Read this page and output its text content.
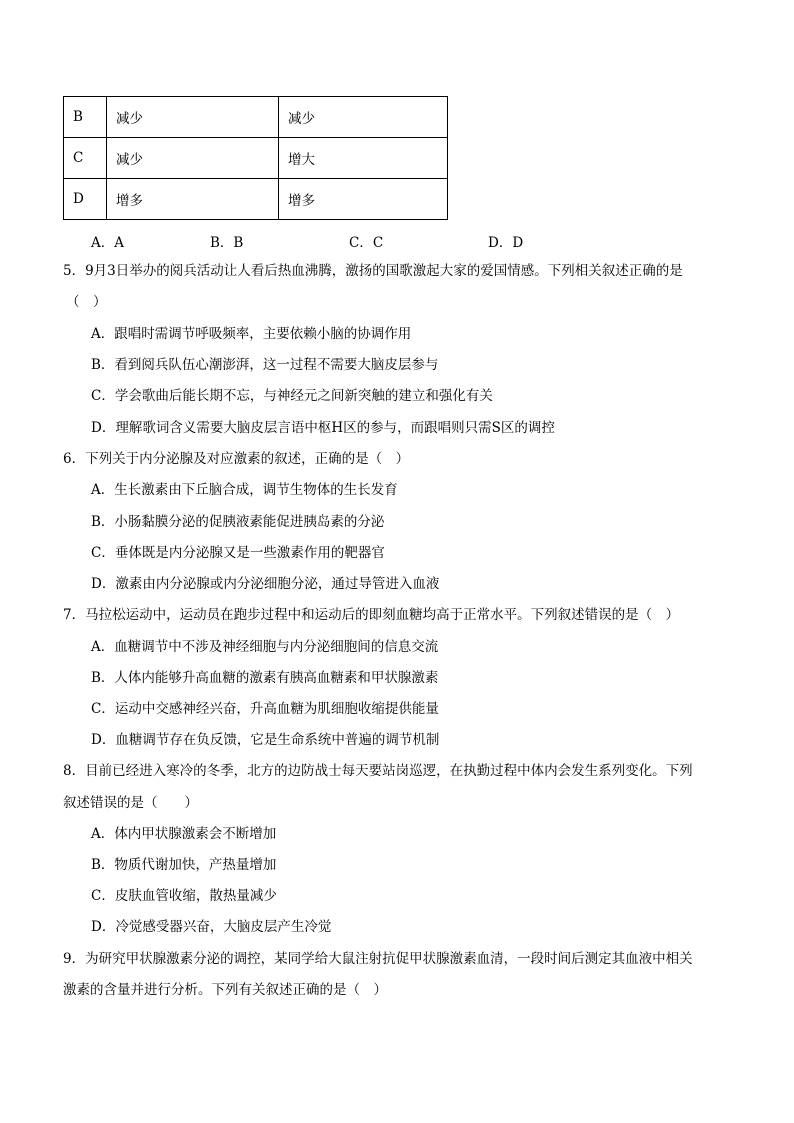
B	减少	减少
C	减少	增大
D	增多	增多
A．A	B．B	C．C	D．D
5．9月3日举办的阅兵活动让人看后热血沸腾，激扬的国歌激起大家的爱国情感。下列相关叙述正确的是
（　）
A．跟唱时需调节呼吸频率，主要依赖小脑的协调作用
B．看到阅兵队伍心潮澎湃，这一过程不需要大脑皮层参与
C．学会歌曲后能长期不忘，与神经元之间新突触的建立和强化有关
D．理解歌词含义需要大脑皮层言语中枢H区的参与，而跟唱则只需S区的调控
6．下列关于内分泌腺及对应激素的叙述，正确的是（　）
A．生长激素由下丘脑合成，调节生物体的生长发育
B．小肠黏膜分泌的促胰液素能促进胰岛素的分泌
C．垂体既是内分泌腺又是一些激素作用的靶器官
D．激素由内分泌腺或内分泌细胞分泌，通过导管进入血液
7．马拉松运动中，运动员在跑步过程中和运动后的即刻血糖均高于正常水平。下列叙述错误的是（　）
A．血糖调节中不涉及神经细胞与内分泌细胞间的信息交流
B．人体内能够升高血糖的激素有胰高血糖素和甲状腺激素
C．运动中交感神经兴奋，升高血糖为肌细胞收缩提供能量
D．血糖调节存在负反馈，它是生命系统中普遍的调节机制
8．目前已经进入寒冷的冬季，北方的边防战士每天要站岗巡逻，在执勤过程中体内会发生系列变化。下列
叙述错误的是（　　）
A．体内甲状腺激素会不断增加
B．物质代谢加快，产热量增加
C．皮肤血管收缩，散热量减少
D．冷觉感受器兴奋，大脑皮层产生冷觉
9．为研究甲状腺激素分泌的调控，某同学给大鼠注射抗促甲状腺激素血清，一段时间后测定其血液中相关
激素的含量并进行分析。下列有关叙述正确的是（　）
